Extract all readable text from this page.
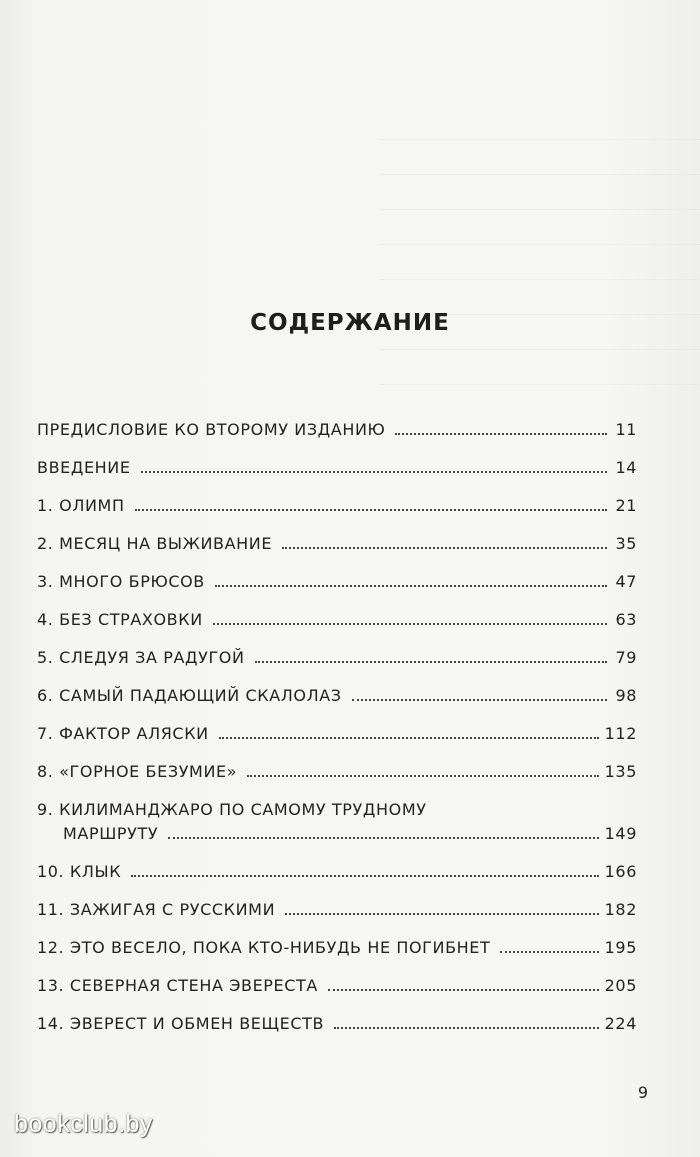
СОДЕРЖАНИЕ
ПРЕДИСЛОВИЕ КО ВТОРОМУ ИЗДАНИЮ	11
ВВЕДЕНИЕ	14
1. ОЛИМП	21
2. МЕСЯЦ НА ВЫЖИВАНИЕ	35
3. МНОГО БРЮСОВ	47
4. БЕЗ СТРАХОВКИ	63
5. СЛЕДУЯ ЗА РАДУГОЙ	79
6. САМЫЙ ПАДАЮЩИЙ СКАЛОЛАЗ	98
7. ФАКТОР АЛЯСКИ	112
8. «ГОРНОЕ БЕЗУМИЕ»	135
9. КИЛИМАНДЖАРО ПО САМОМУ ТРУДНОМУ
МАРШРУТУ	149
10. КЛЫК	166
11. ЗАЖИГАЯ С РУССКИМИ	182
12. ЭТО ВЕСЕЛО, ПОКА КТО-НИБУДЬ НЕ ПОГИБНЕТ	195
13. СЕВЕРНАЯ СТЕНА ЭВЕРЕСТА	205
14. ЭВЕРЕСТ И ОБМЕН ВЕЩЕСТВ	224
9
bookclub.by
